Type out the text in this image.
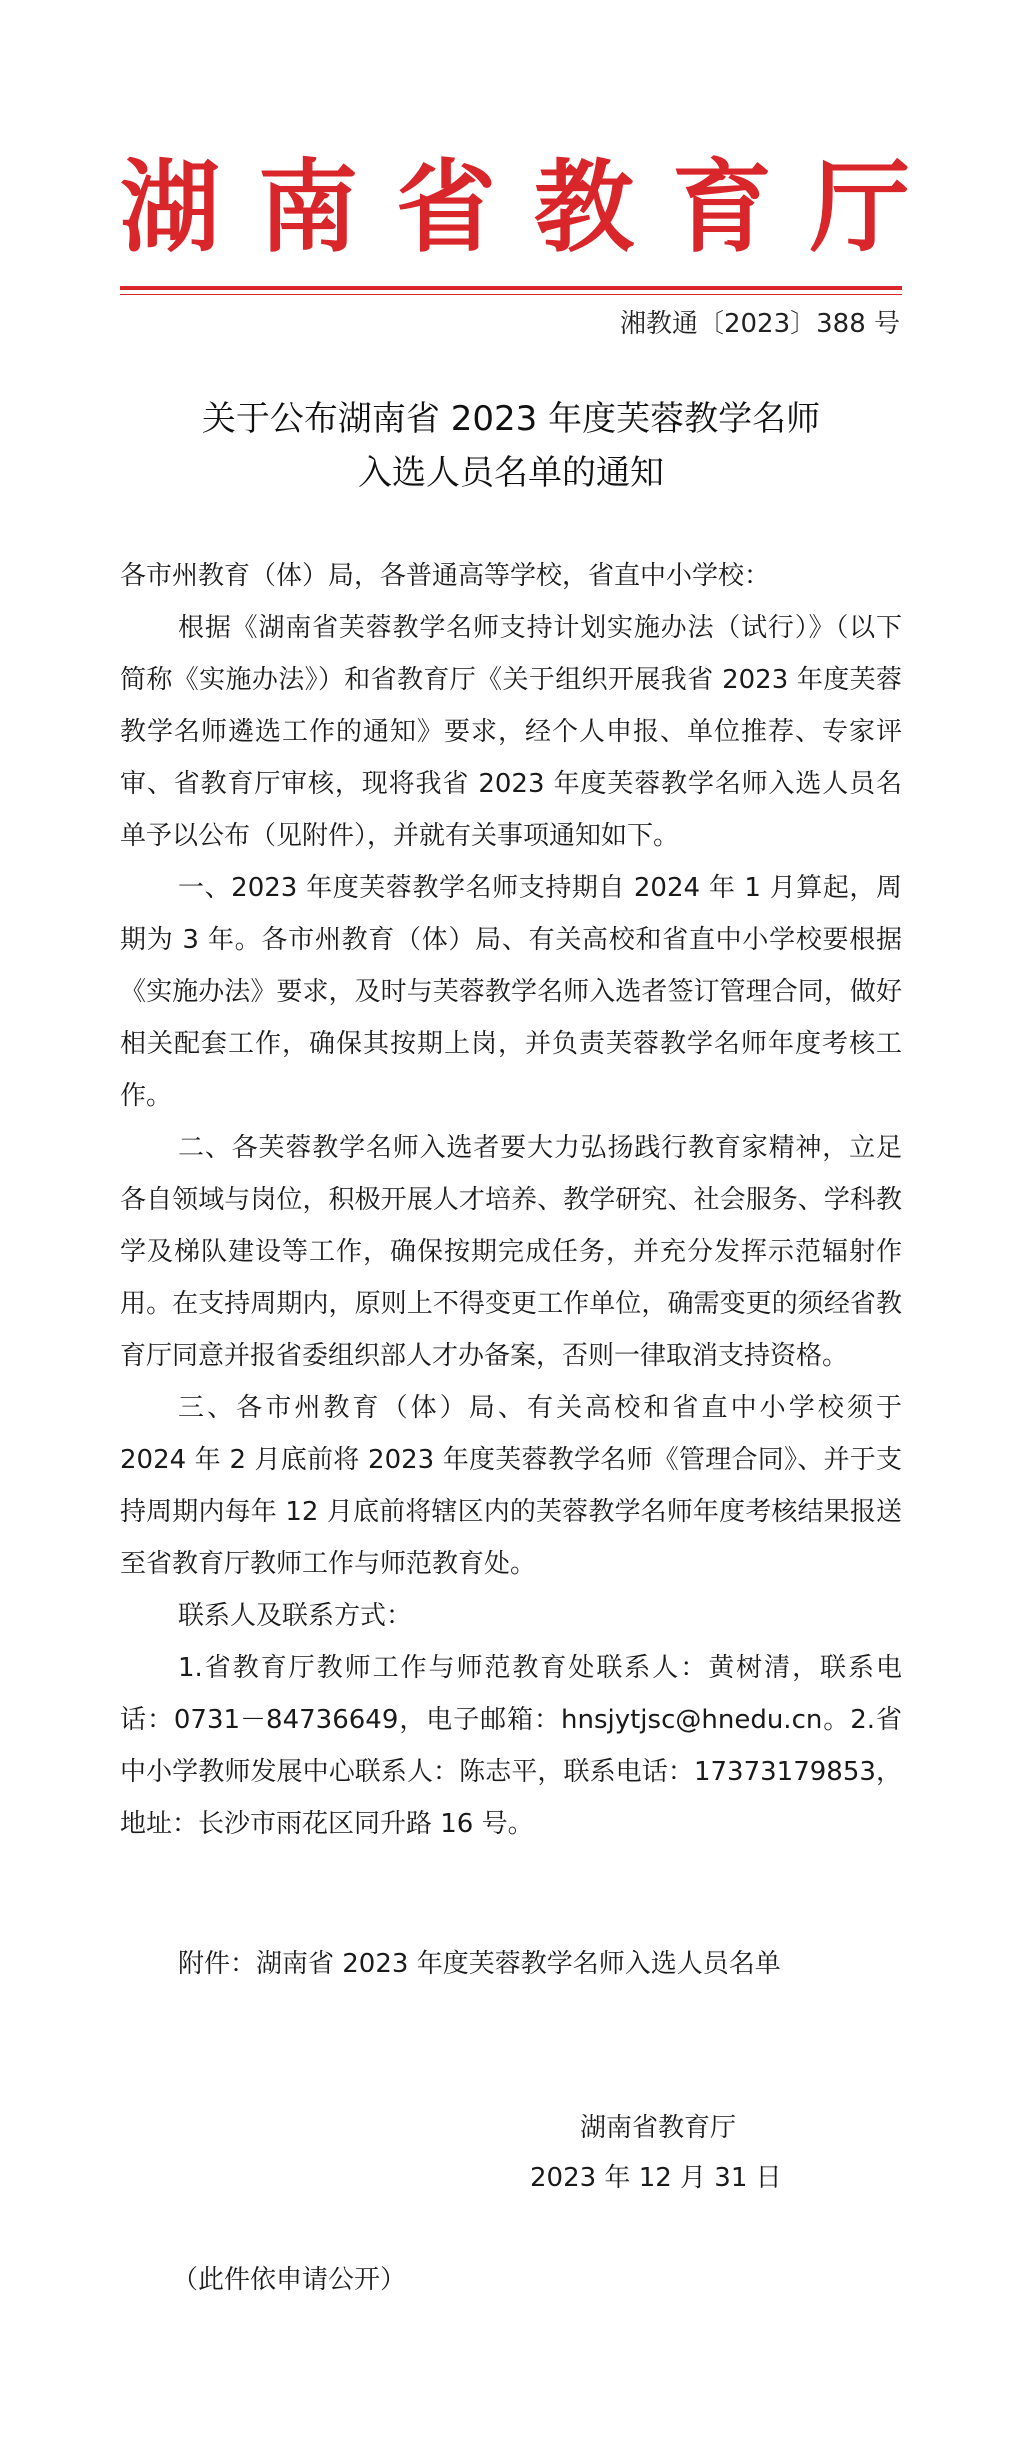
湖南省教育厅
湘教通〔2023〕388 号
关于公布湖南省 2023 年度芙蓉教学名师
入选人员名单的通知

各市州教育（体）局，各普通高等学校，省直中小学校：

根据《湖南省芙蓉教学名师支持计划实施办法（试行）》（以下简称《实施办法》）和省教育厅《关于组织开展我省 2023 年度芙蓉教学名师遴选工作的通知》要求，经个人申报、单位推荐、专家评审、省教育厅审核，现将我省 2023 年度芙蓉教学名师入选人员名单予以公布（见附件），并就有关事项通知如下。

一、2023 年度芙蓉教学名师支持期自 2024 年 1 月算起，周期为 3 年。各市州教育（体）局、有关高校和省直中小学校要根据《实施办法》要求，及时与芙蓉教学名师入选者签订管理合同，做好相关配套工作，确保其按期上岗，并负责芙蓉教学名师年度考核工作。

二、各芙蓉教学名师入选者要大力弘扬践行教育家精神，立足各自领域与岗位，积极开展人才培养、教学研究、社会服务、学科教学及梯队建设等工作，确保按期完成任务，并充分发挥示范辐射作用。在支持周期内，原则上不得变更工作单位，确需变更的须经省教育厅同意并报省委组织部人才办备案，否则一律取消支持资格。

三、各市州教育（体）局、有关高校和省直中小学校须于 2024 年 2 月底前将 2023 年度芙蓉教学名师《管理合同》、并于支持周期内每年 12 月底前将辖区内的芙蓉教学名师年度考核结果报送至省教育厅教师工作与师范教育处。

联系人及联系方式：

1.省教育厅教师工作与师范教育处联系人：黄树清，联系电话：0731－84736649，电子邮箱：hnsjytjsc@hnedu.cn。2.省中小学教师发展中心联系人：陈志平，联系电话：17373179853，地址：长沙市雨花区同升路 16 号。

附件：湖南省 2023 年度芙蓉教学名师入选人员名单
湖南省教育厅
2023 年 12 月 31 日
（此件依申请公开）
